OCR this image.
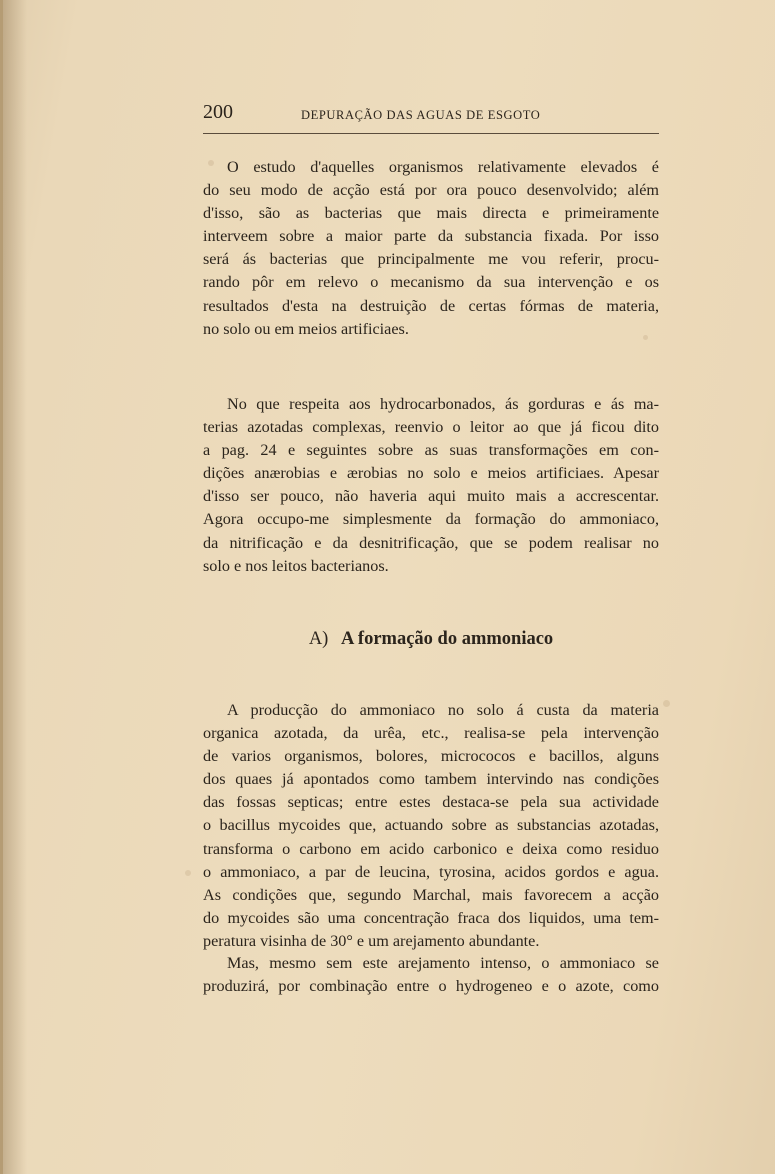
200	DEPURAÇÃO DAS AGUAS DE ESGOTO
O estudo d'aquelles organismos relativamente elevados é
do seu modo de acção está por ora pouco desenvolvido; além
d'isso, são as bacterias que mais directa e primeiramente
interveem sobre a maior parte da substancia fixada. Por isso
será ás bacterias que principalmente me vou referir, procu-
rando pôr em relevo o mecanismo da sua intervenção e os
resultados d'esta na destruição de certas fórmas de materia,
no solo ou em meios artificiaes.
No que respeita aos hydrocarbonados, ás gorduras e ás ma-
terias azotadas complexas, reenvio o leitor ao que já ficou dito
a pag. 24 e seguintes sobre as suas transformações em con-
dições anærobias e ærobias no solo e meios artificiaes. Apesar
d'isso ser pouco, não haveria aqui muito mais a accrescentar.
Agora occupo-me simplesmente da formação do ammoniaco,
da nitrificação e da desnitrificação, que se podem realisar no
solo e nos leitos bacterianos.
A) A formação do ammoniaco
A producção do ammoniaco no solo á custa da materia
organica azotada, da urêa, etc., realisa-se pela intervenção
de varios organismos, bolores, micrococos e bacillos, alguns
dos quaes já apontados como tambem intervindo nas condições
das fossas septicas; entre estes destaca-se pela sua actividade
o bacillus mycoides que, actuando sobre as substancias azotadas,
transforma o carbono em acido carbonico e deixa como residuo
o ammoniaco, a par de leucina, tyrosina, acidos gordos e agua.
As condições que, segundo Marchal, mais favorecem a acção
do mycoides são uma concentração fraca dos liquidos, uma tem-
peratura visinha de 30° e um arejamento abundante.
Mas, mesmo sem este arejamento intenso, o ammoniaco se
produzirá, por combinação entre o hydrogeneo e o azote, como
